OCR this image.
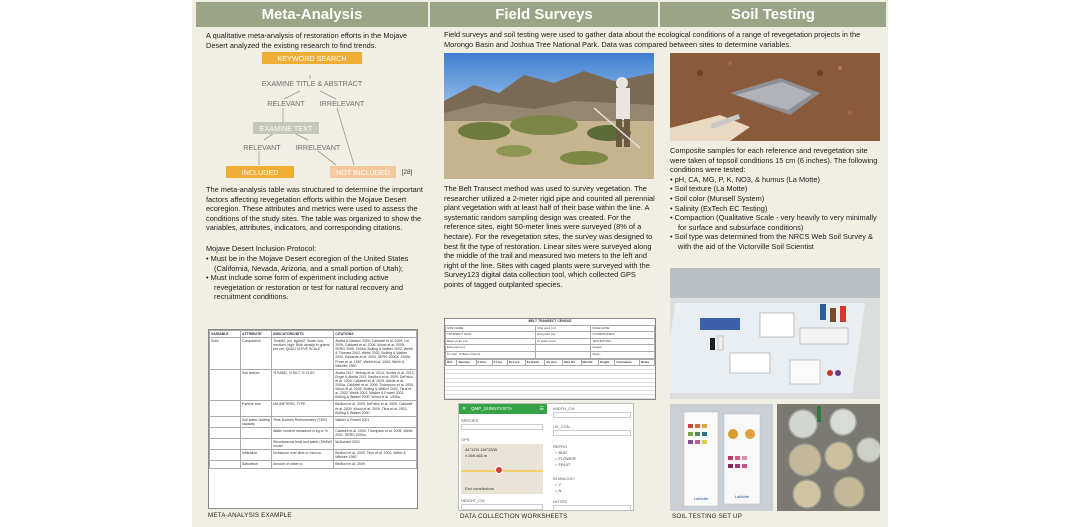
Meta-Analysis	Field Surveys	Soil Testing
A qualitative meta-analysis of restoration efforts in the Mojave Desert analyzed the existing research to find trends.
KEYWORD SEARCH
EXAMINE TITLE & ABSTRACT
RELEVANT	IRRELEVANT
EXAMINE TEXT
RELEVANT	IRRELEVANT
INCLUDED	NOT INCLUDED	[28]
The meta-analysis table was structured to determine the important factors affecting revegetation efforts within the Mojave Desert ecoregion. These attributes and metrics were used to assess the conditions of the study sites. The table was organized to show the variables, attributes, indicators, and corresponding citations.
Mojave Desert Inclusion Protocol:
• Must be in the Mojave Desert ecoregion of the United States (California, Nevada, Arizona, and a small portion of Utah);
• Must include some form of experiment including active revegetation or restoration or test for natural recovery and recruitment conditions.
VARIABLE	ATTRIBUTE	INDICATOR/UNITS	CITATIONS
Soils	Compaction	Tons/ft2, psi, kg/cm2; Scale: low, medium, high; Bulk density in grams per cm; QUALITATIVE SCALE	Abella & Newton 2009, Caldwell et al. 2009, Lei 2009, Caldwell et al. 2006, Wood et al. 2005, SERG 2005, 2004a, Bolling & Walker 2002, Webb & Thomas 2002, Webb 2002, Bolling & Walker 2000, Edwards et al. 2000, SERG 2000a, 2000b, Prose et al. 1987, Webb et al. 1983, Webb & Wilshire 1980
	Soil texture	% SAND, % SILT, % CLAY	Abella 2017, Belnap et al. 2014, Scoles et al. 2013, Engel & Abella 2011, Bedford et al. 2009, DeFalco et al. 2009, Caldwell et al. 2009, Abella et al. 2009a, Caldwell et al. 2006, Thompson et al. 2005, Wood et al. 2005, Bolling & Walker 2002, Titus et al. 2002, Webb 2002, Walker & Powell 2001, Bolling & Walker 2000, Wood et al. 1995a
	Particle size	MILIMETERS, TYPE	Bedford et al. 2009, DeFalco et al. 2009, Caldwell et al. 2009, Wood et al. 2005, Titus et al. 2002, Bolling & Walker 2000
	Soil water-holding capacity	Time Domain Reflectometry (TDR)	Walker & Powell 2001
		Water content measured in kg or %	Caldwell et al. 2009, Thompson et al. 2005, Webb 2002, SERG 2000a
		Simultaneous heat and water (SHAW) model	McDonald 2002
	Infiltration	Inches/cm over time or min/cm	Bedford et al. 2009, Titus et al. 2002, Webb & Wilshire 1980
	Saturation	Amount of water to	Bedford et al. 2009
META-ANALYSIS EXAMPLE
Field surveys and soil testing were used to gather data about the ecological conditions of a range of revegetation projects in the Morongo Basin and Joshua Tree National Park. Data was compared between sites to determine variables.
The Belt Transect method was used to survey vegetation. The researcher utilized a 2-meter rigid pipe and counted all perennial plant vegetation with at least half of their base within the line. A systematic random sampling design was created. For the reference sites, eight 50-meter lines were surveyed (8% of a hectare). For the revegetation sites, the survey was designed to best fit the type of restoration. Linear sites were surveyed along the middle of the trail and measured two meters to the left and right of the line. Sites with caged plants were surveyed with the Survey123 digital data collection tool, which collected GPS points of tagged outplanted species.
BELT TRANSECT CENSUS
SITE NAME:	Orig point (m):	PAGE DATE:
TRANSECT NUM:	End point (m):	COORDINATES:
Begin point (m):	% Litter cover:	TECHNICIAN:
End point (m):		Aspect:
% Litter: % Bare Ground:		Slope:
Ref.	Species	# Gen.	# Live	Ex Live	Ex Dead	Ex Gen	Max Dir	Min Dir	Height	Comments	Notes
✕ QMP_SUNNYVISTA	☰
SPECIES
GPS
34°12'N 116°25'W
± 269.463 m
Esri contributors
HEIGHT_CM
WIDTH_CM
UV_CON
REPRO
○ BUD
○ FLOWER
○ FRUIT
IN MULCH?
○ Y
○ N
NOTES
DATA COLLECTION WORKSHEETS
Composite samples for each reference and revegetation site were taken of topsoil conditions 15 cm (6 inches). The following conditions were tested:
• pH, CA, MG, P, K, NO3, & humus (La Motte)
• Soil texture (La Motte)
• Soil color (Munsell System)
• Salinity (ExTech EC Testing)
• Compaction (Qualitative Scale - very heavily to very minimally for surface and subsurface conditions)
• Soil type was determined from the NRCS Web Soil Survey & with the aid of the Victorville Soil Scientist
LaMotte	LaMotte
SOIL TESTING SET UP
